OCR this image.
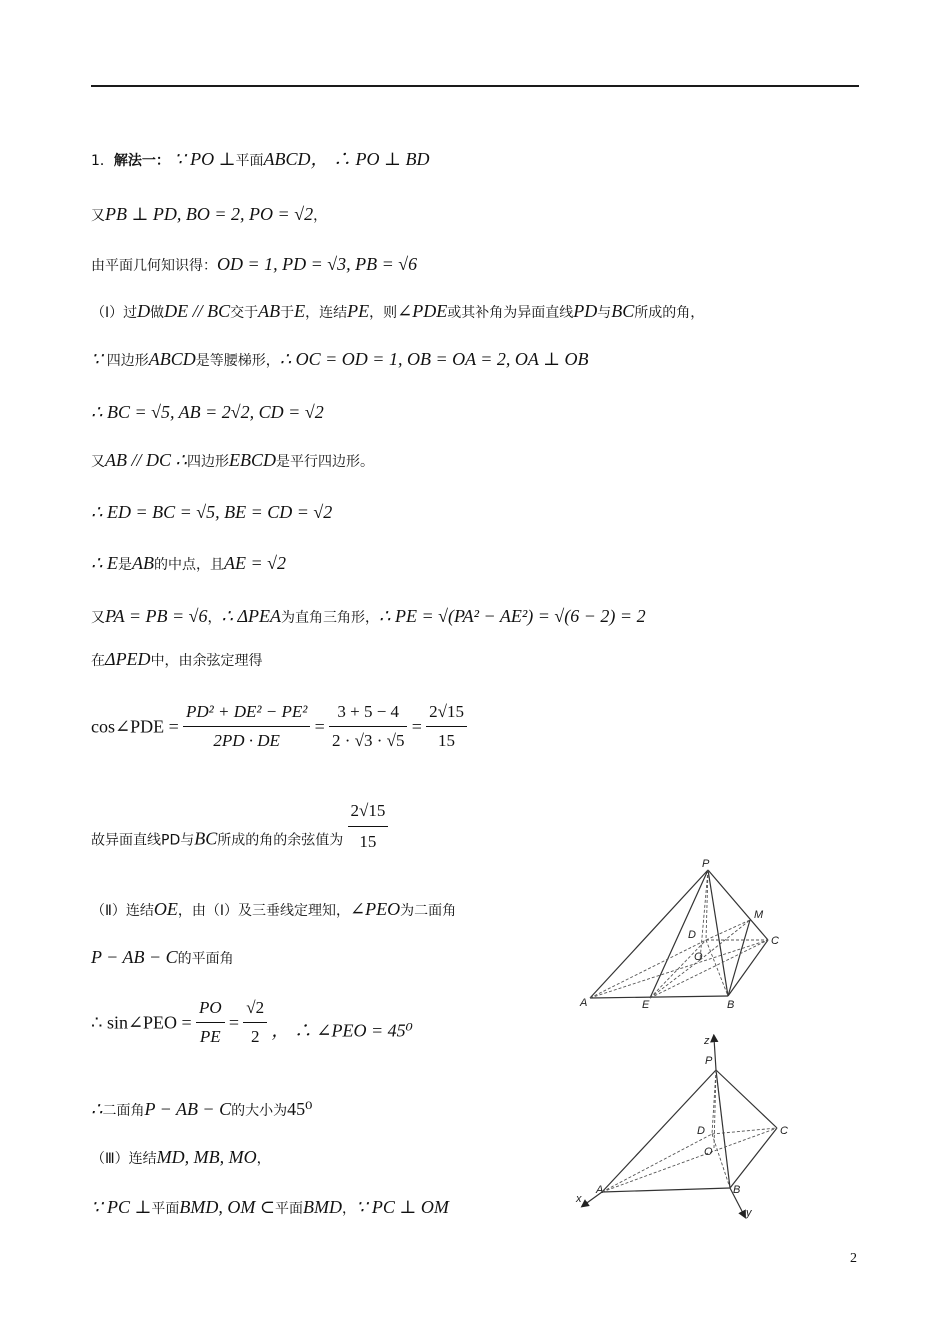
1．解法一： ∵ PO ⊥平面ABCD， ∴ PO ⊥ BD
又PB ⊥ PD, BO = 2, PO = √2，
由平面几何知识得：OD = 1, PD = √3, PB = √6
（Ⅰ）过D做DE // BC交于AB于E，连结PE，则∠PDE或其补角为异面直线PD与BC所成的角，
∵ 四边形ABCD是等腰梯形，∴ OC = OD = 1, OB = OA = 2, OA ⊥ OB
∴ BC = √5, AB = 2√2, CD = √2
又AB // DC ∴四边形EBCD是平行四边形。
∴ ED = BC = √5, BE = CD = √2
∴ E是AB的中点，且AE = √2
又PA = PB = √6，∴ ΔPEA为直角三角形，∴ PE = √(PA² − AE²) = √(6 − 2) = 2
在ΔPED中，由余弦定理得
cos∠PDE = $\frac{\text{PD² + DE² − PE²}}{2PD \cdot DE} = \frac{3 + 5 - 4}{2 \cdot √3 \cdot √5} = \frac{2√15}{15}$
$_{故异面直线PD与}BC_{所成的角的余弦值为} \frac{2√15}{15}$
（Ⅱ）连结OE，由（Ⅰ）及三垂线定理知，∠PEO为二面角
P − AB − C的平面角
∴ sin∠PEO = $\frac{PO}{PE} = \frac{√2}{2}$ ， ∴ ∠PEO = 45⁰
∴二面角P − AB − C的大小为45⁰
（Ⅲ）连结MD, MB, MO，
∵ PC ⊥平面BMD, OM ⊂平面BMD，∵ PC ⊥ OM
P
M
D	C
O
A	E	B
z
P
D	C
O
x
A	B
y
2
